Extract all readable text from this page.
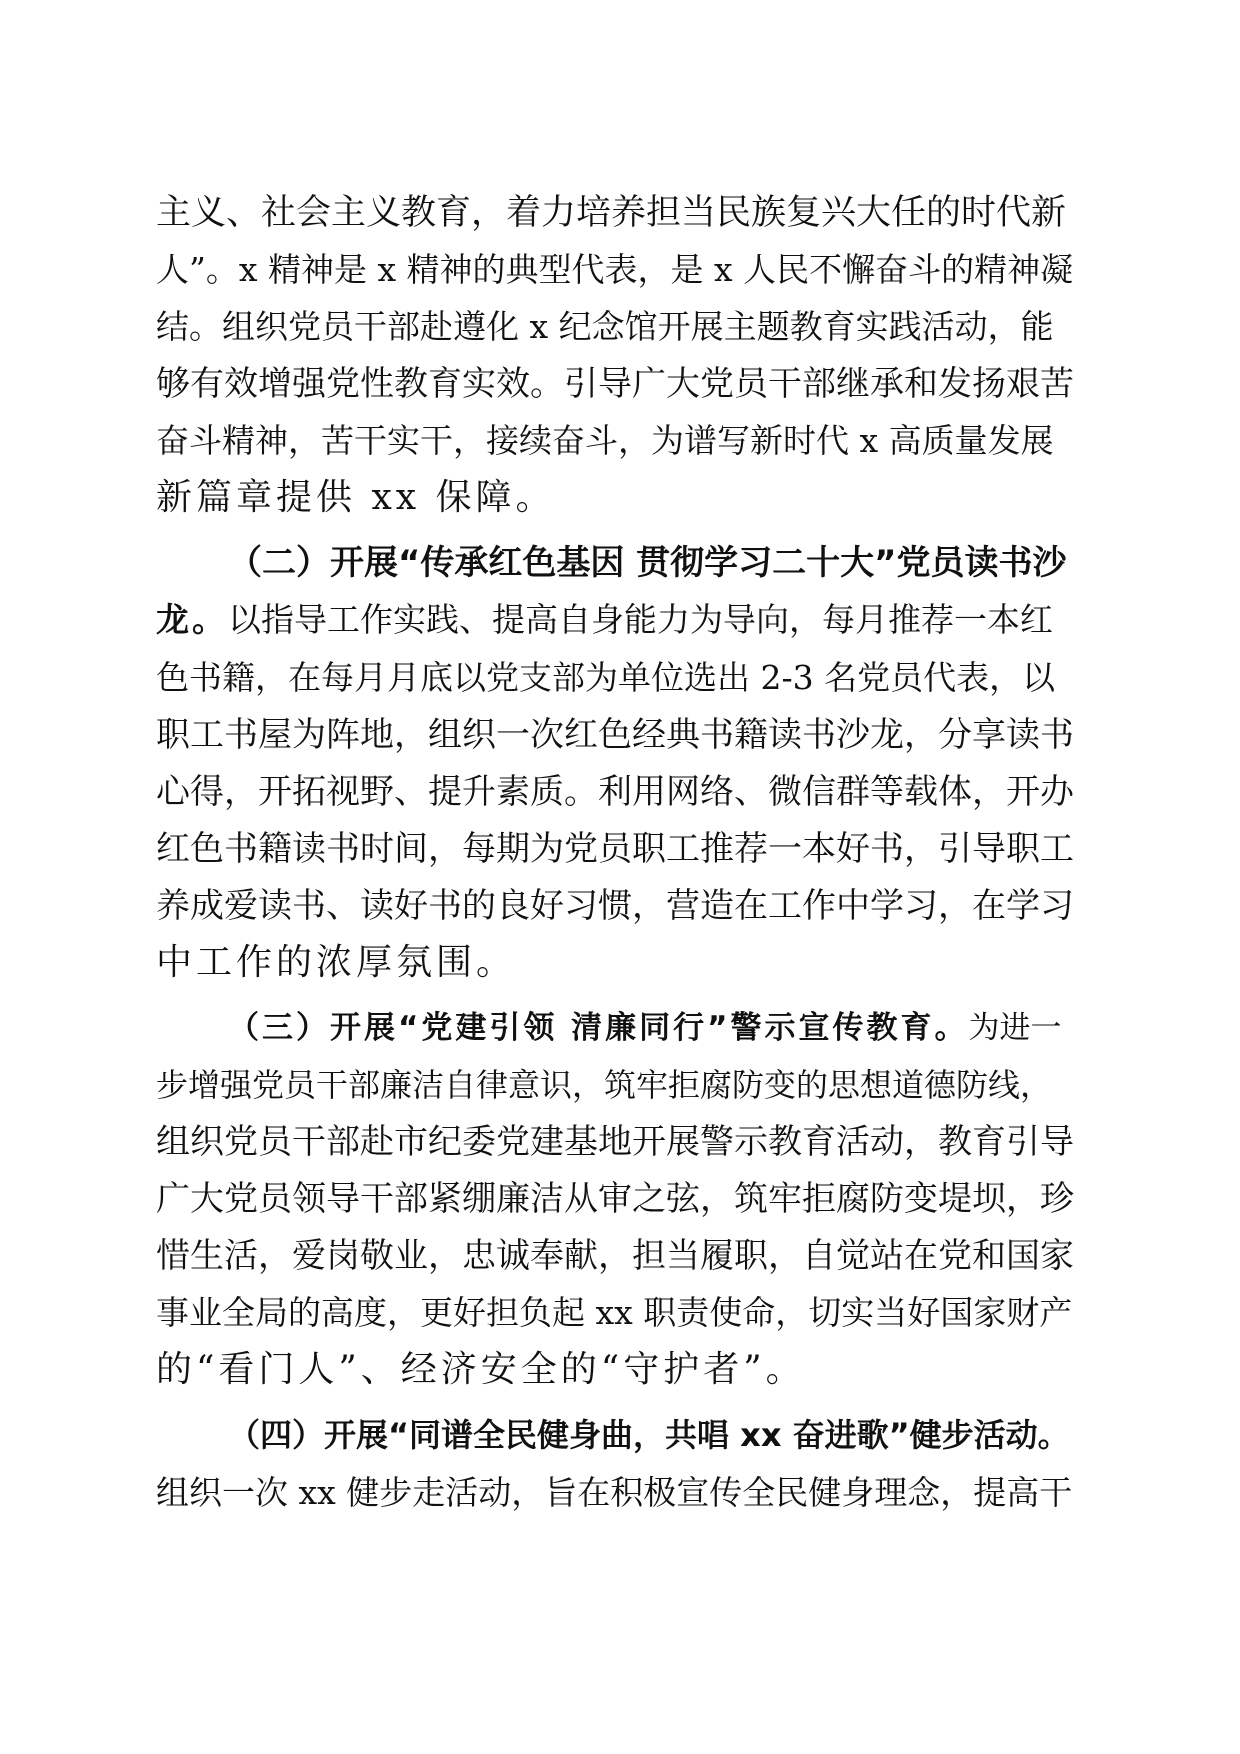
主义、社会主义教育，着力培养担当民族复兴大任的时代新
人”。x 精神是 x 精神的典型代表，是 x 人民不懈奋斗的精神凝
结。组织党员干部赴遵化 x 纪念馆开展主题教育实践活动，能
够有效增强党性教育实效。引导广大党员干部继承和发扬艰苦
奋斗精神，苦干实干，接续奋斗，为谱写新时代 x 高质量发展
新篇章提供 xx 保障。
（二）开展“传承红色基因 贯彻学习二十大”党员读书沙
龙。以指导工作实践、提高自身能力为导向，每月推荐一本红
色书籍，在每月月底以党支部为单位选出 2-3 名党员代表，以
职工书屋为阵地，组织一次红色经典书籍读书沙龙，分享读书
心得，开拓视野、提升素质。利用网络、微信群等载体，开办
红色书籍读书时间，每期为党员职工推荐一本好书，引导职工
养成爱读书、读好书的良好习惯，营造在工作中学习，在学习
中工作的浓厚氛围。
（三）开展“党建引领 清廉同行”警示宣传教育。为进一
步增强党员干部廉洁自律意识，筑牢拒腐防变的思想道德防线，
组织党员干部赴市纪委党建基地开展警示教育活动，教育引导
广大党员领导干部紧绷廉洁从审之弦，筑牢拒腐防变堤坝，珍
惜生活，爱岗敬业，忠诚奉献，担当履职，自觉站在党和国家
事业全局的高度，更好担负起 xx 职责使命，切实当好国家财产
的“看门人”、经济安全的“守护者”。
（四）开展“同谱全民健身曲，共唱 xx 奋进歌”健步活动。
组织一次 xx 健步走活动，旨在积极宣传全民健身理念，提高干
